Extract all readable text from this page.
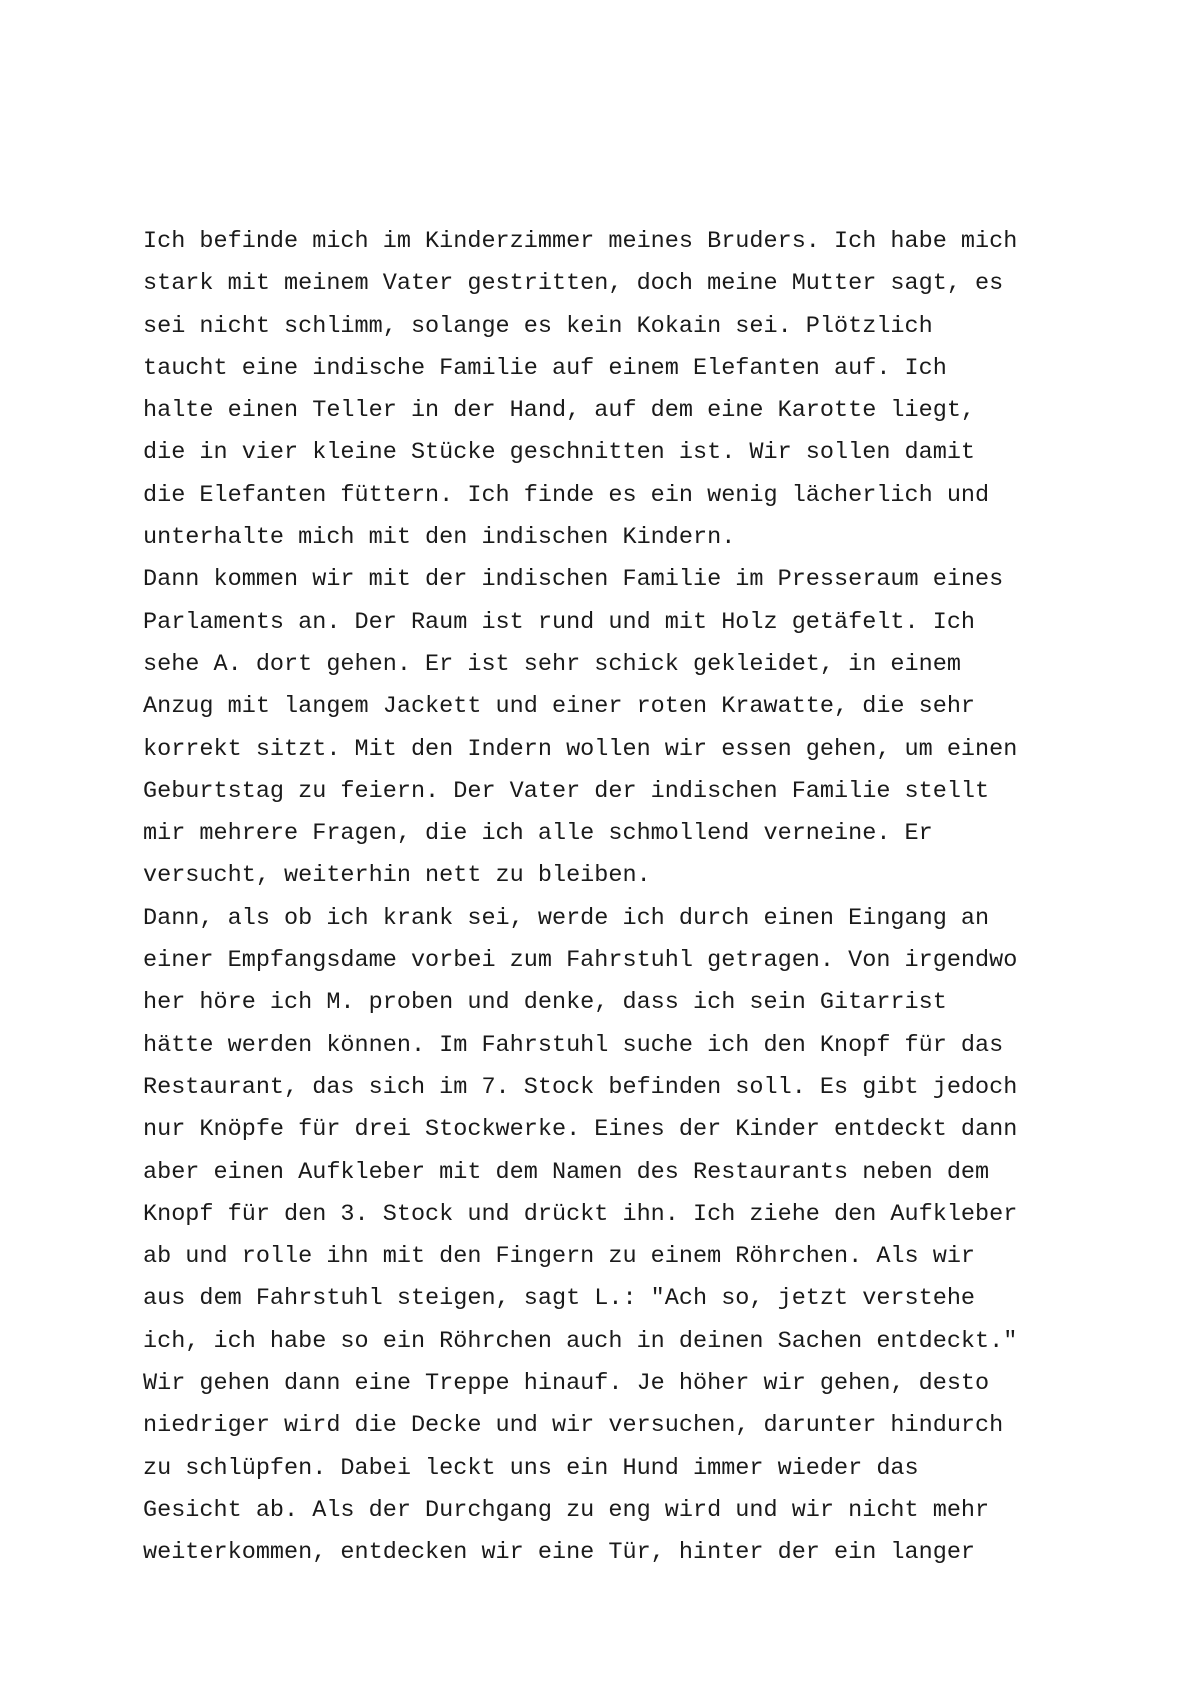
Ich befinde mich im Kinderzimmer meines Bruders. Ich habe mich
stark mit meinem Vater gestritten, doch meine Mutter sagt, es
sei nicht schlimm, solange es kein Kokain sei. Plötzlich
taucht eine indische Familie auf einem Elefanten auf. Ich
halte einen Teller in der Hand, auf dem eine Karotte liegt,
die in vier kleine Stücke geschnitten ist. Wir sollen damit
die Elefanten füttern. Ich finde es ein wenig lächerlich und
unterhalte mich mit den indischen Kindern.
Dann kommen wir mit der indischen Familie im Presseraum eines
Parlaments an. Der Raum ist rund und mit Holz getäfelt. Ich
sehe A. dort gehen. Er ist sehr schick gekleidet, in einem
Anzug mit langem Jackett und einer roten Krawatte, die sehr
korrekt sitzt. Mit den Indern wollen wir essen gehen, um einen
Geburtstag zu feiern. Der Vater der indischen Familie stellt
mir mehrere Fragen, die ich alle schmollend verneine. Er
versucht, weiterhin nett zu bleiben.
Dann, als ob ich krank sei, werde ich durch einen Eingang an
einer Empfangsdame vorbei zum Fahrstuhl getragen. Von irgendwo
her höre ich M. proben und denke, dass ich sein Gitarrist
hätte werden können. Im Fahrstuhl suche ich den Knopf für das
Restaurant, das sich im 7. Stock befinden soll. Es gibt jedoch
nur Knöpfe für drei Stockwerke. Eines der Kinder entdeckt dann
aber einen Aufkleber mit dem Namen des Restaurants neben dem
Knopf für den 3. Stock und drückt ihn. Ich ziehe den Aufkleber
ab und rolle ihn mit den Fingern zu einem Röhrchen. Als wir
aus dem Fahrstuhl steigen, sagt L.: "Ach so, jetzt verstehe
ich, ich habe so ein Röhrchen auch in deinen Sachen entdeckt."
Wir gehen dann eine Treppe hinauf. Je höher wir gehen, desto
niedriger wird die Decke und wir versuchen, darunter hindurch
zu schlüpfen. Dabei leckt uns ein Hund immer wieder das
Gesicht ab. Als der Durchgang zu eng wird und wir nicht mehr
weiterkommen, entdecken wir eine Tür, hinter der ein langer
